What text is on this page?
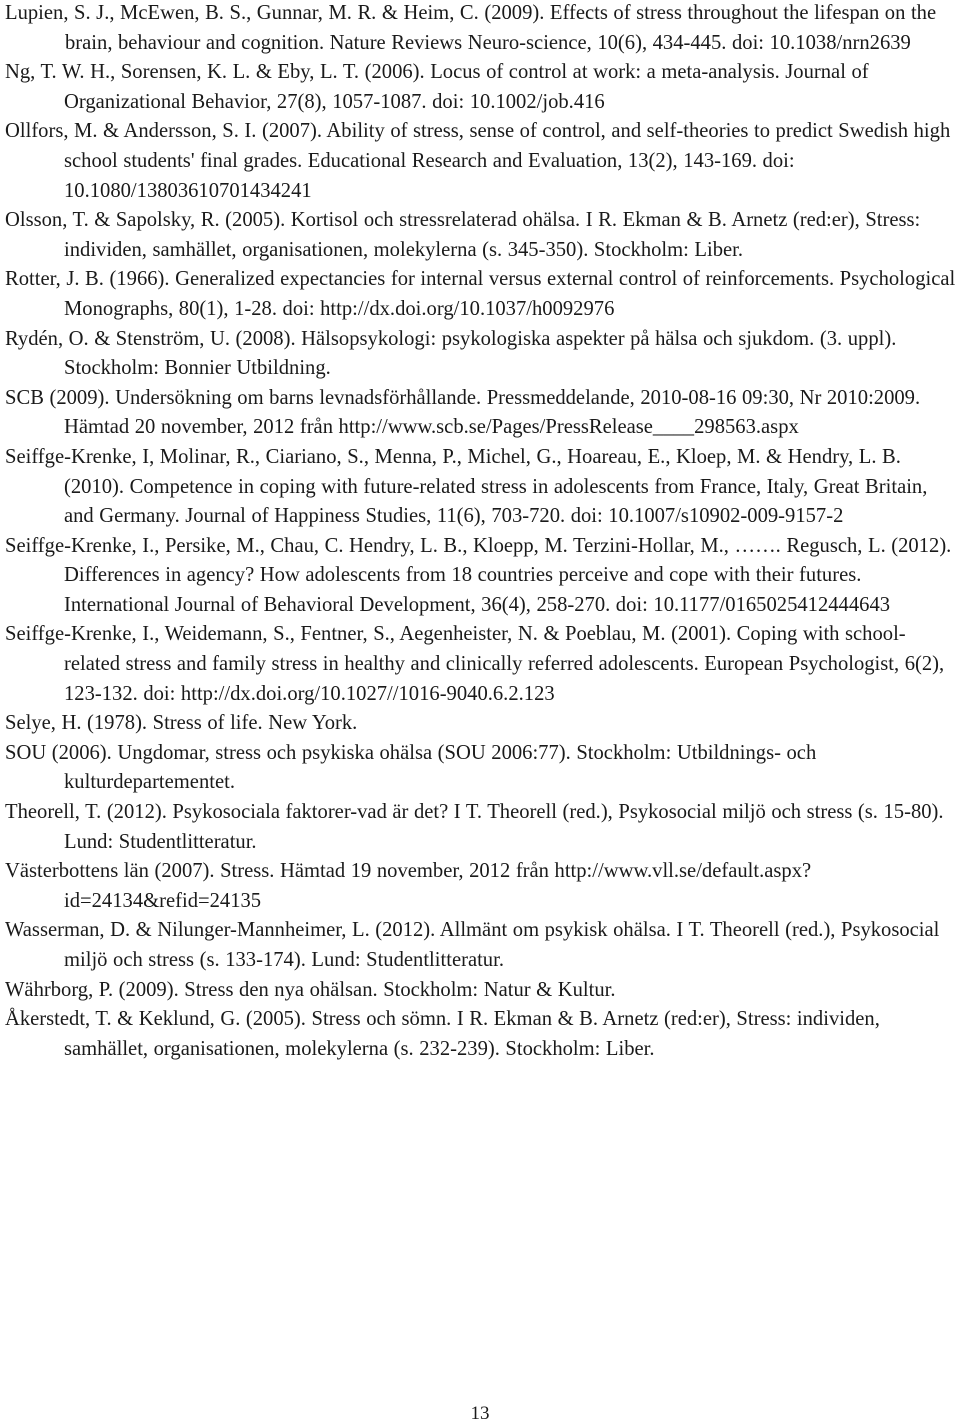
Lupien, S. J., McEwen, B. S., Gunnar, M. R. & Heim, C. (2009). Effects of stress throughout the lifespan on the brain, behaviour and cognition. Nature Reviews Neuro-science, 10(6), 434-445. doi: 10.1038/nrn2639
Ng, T. W. H., Sorensen, K. L. & Eby, L. T. (2006). Locus of control at work: a meta-analysis. Journal of Organizational Behavior, 27(8), 1057-1087. doi: 10.1002/job.416
Ollfors, M. & Andersson, S. I. (2007). Ability of stress, sense of control, and self-theories to predict Swedish high school students' final grades. Educational Research and Evaluation, 13(2), 143-169. doi: 10.1080/13803610701434241
Olsson, T. & Sapolsky, R. (2005). Kortisol och stressrelaterad ohälsa. I R. Ekman & B. Arnetz (red:er), Stress: individen, samhället, organisationen, molekylerna (s. 345-350). Stockholm: Liber.
Rotter, J. B. (1966). Generalized expectancies for internal versus external control of reinforcements. Psychological Monographs, 80(1), 1-28. doi: http://dx.doi.org/10.1037/h0092976
Rydén, O. & Stenström, U. (2008). Hälsopsykologi: psykologiska aspekter på hälsa och sjukdom. (3. uppl). Stockholm: Bonnier Utbildning.
SCB (2009). Undersökning om barns levnadsförhållande. Pressmeddelande, 2010-08-16 09:30, Nr 2010:2009. Hämtad 20 november, 2012 från http://www.scb.se/Pages/PressRelease____298563.aspx
Seiffge-Krenke, I, Molinar, R., Ciariano, S., Menna, P., Michel, G., Hoareau, E., Kloep, M. & Hendry, L. B. (2010). Competence in coping with future-related stress in adolescents from France, Italy, Great Britain, and Germany. Journal of Happiness Studies, 11(6), 703-720. doi: 10.1007/s10902-009-9157-2
Seiffge-Krenke, I., Persike, M., Chau, C. Hendry, L. B., Kloepp, M. Terzini-Hollar, M., ……. Regusch, L. (2012). Differences in agency? How adolescents from 18 countries perceive and cope with their futures. International Journal of Behavioral Development, 36(4), 258-270. doi: 10.1177/0165025412444643
Seiffge-Krenke, I., Weidemann, S., Fentner, S., Aegenheister, N. & Poeblau, M. (2001). Coping with school-related stress and family stress in healthy and clinically referred adolescents. European Psychologist, 6(2), 123-132. doi: http://dx.doi.org/10.1027//1016-9040.6.2.123
Selye, H. (1978). Stress of life. New York.
SOU (2006). Ungdomar, stress och psykiska ohälsa (SOU 2006:77). Stockholm: Utbildnings- och kulturdepartementet.
Theorell, T. (2012). Psykosociala faktorer-vad är det? I T. Theorell (red.), Psykosocial miljö och stress (s. 15-80). Lund: Studentlitteratur.
Västerbottens län (2007). Stress. Hämtad 19 november, 2012 från http://www.vll.se/default.aspx?id=24134&refid=24135
Wasserman, D. & Nilunger-Mannheimer, L. (2012). Allmänt om psykisk ohälsa. I T. Theorell (red.), Psykosocial miljö och stress (s. 133-174). Lund: Studentlitteratur.
Währborg, P. (2009). Stress den nya ohälsan. Stockholm: Natur & Kultur.
Åkerstedt, T. & Keklund, G. (2005). Stress och sömn. I R. Ekman & B. Arnetz (red:er), Stress: individen, samhället, organisationen, molekylerna (s. 232-239). Stockholm: Liber.
13
